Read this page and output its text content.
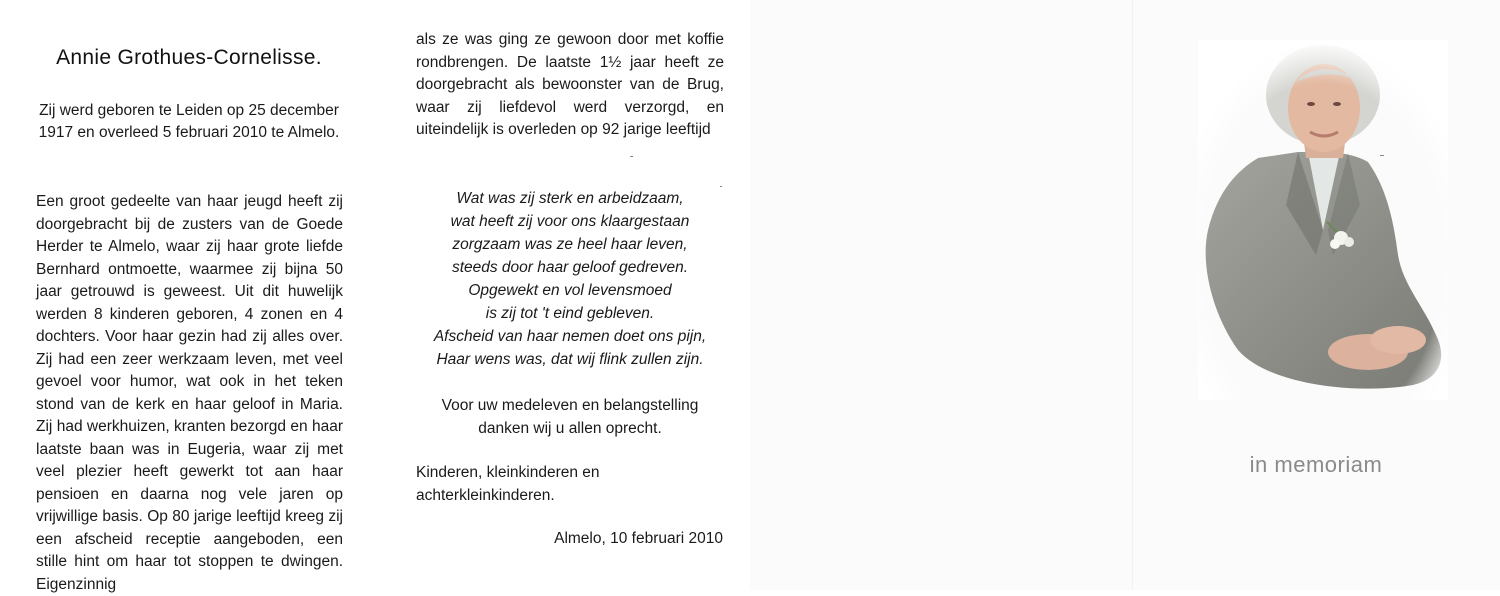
Annie Grothues-Cornelisse.

Zij werd geboren te Leiden op 25 december 1917 en overleed 5 februari 2010 te Almelo.

Een groot gedeelte van haar jeugd heeft zij doorgebracht bij de zusters van de Goede Herder te Almelo, waar zij haar grote liefde Bernhard ontmoette, waarmee zij bijna 50 jaar getrouwd is geweest. Uit dit huwelijk werden 8 kinderen geboren, 4 zonen en 4 dochters. Voor haar gezin had zij alles over. Zij had een zeer werkzaam leven, met veel gevoel voor humor, wat ook in het teken stond van de kerk en haar geloof in Maria. Zij had werkhuizen, kranten bezorgd en haar laatste baan was in Eugeria, waar zij met veel plezier heeft gewerkt tot aan haar pensioen en daarna nog vele jaren op vrijwillige basis. Op 80 jarige leeftijd kreeg zij een afscheid receptie aangeboden, een stille hint om haar tot stoppen te dwingen. Eigenzinnig

als ze was ging ze gewoon door met koffie rondbrengen. De laatste 1½ jaar heeft ze doorgebracht als bewoonster van de Brug, waar zij liefdevol werd verzorgd, en uiteindelijk is overleden op 92 jarige leeftijd

Wat was zij sterk en arbeidzaam,
wat heeft zij voor ons klaargestaan
zorgzaam was ze heel haar leven,
steeds door haar geloof gedreven.
Opgewekt en vol levensmoed
is zij tot 't eind gebleven.
Afscheid van haar nemen doet ons pijn,
Haar wens was, dat wij flink zullen zijn.

Voor uw medeleven en belangstelling danken wij u allen oprecht.

Kinderen, kleinkinderen en achterkleinkinderen.

Almelo, 10 februari 2010
in memoriam
